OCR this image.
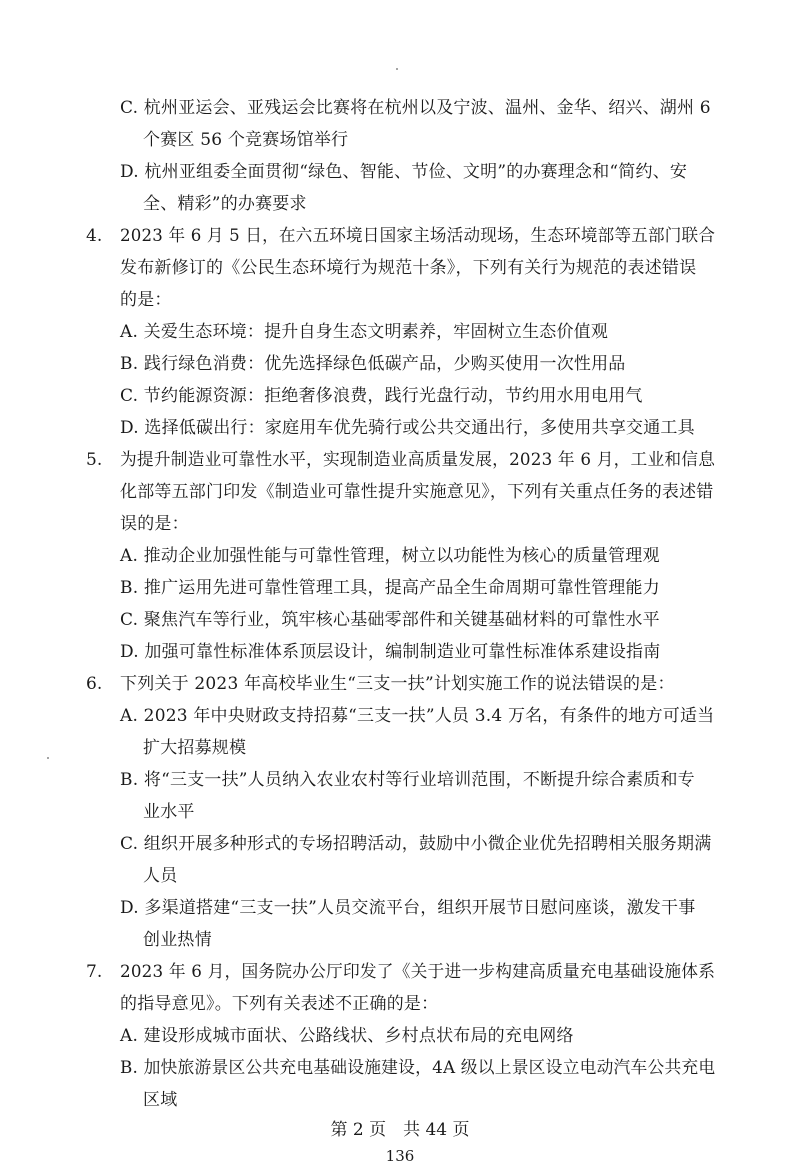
C. 杭州亚运会、亚残运会比赛将在杭州以及宁波、温州、金华、绍兴、湖州 6
个赛区 56 个竞赛场馆举行
D. 杭州亚组委全面贯彻“绿色、智能、节俭、文明”的办赛理念和“简约、安
全、精彩”的办赛要求
4. 2023 年 6 月 5 日，在六五环境日国家主场活动现场，生态环境部等五部门联合
发布新修订的《公民生态环境行为规范十条》，下列有关行为规范的表述错误
的是：
A. 关爱生态环境：提升自身生态文明素养，牢固树立生态价值观
B. 践行绿色消费：优先选择绿色低碳产品，少购买使用一次性用品
C. 节约能源资源：拒绝奢侈浪费，践行光盘行动，节约用水用电用气
D. 选择低碳出行：家庭用车优先骑行或公共交通出行，多使用共享交通工具
5. 为提升制造业可靠性水平，实现制造业高质量发展，2023 年 6 月，工业和信息
化部等五部门印发《制造业可靠性提升实施意见》，下列有关重点任务的表述错
误的是：
A. 推动企业加强性能与可靠性管理，树立以功能性为核心的质量管理观
B. 推广运用先进可靠性管理工具，提高产品全生命周期可靠性管理能力
C. 聚焦汽车等行业，筑牢核心基础零部件和关键基础材料的可靠性水平
D. 加强可靠性标准体系顶层设计，编制制造业可靠性标准体系建设指南
6. 下列关于 2023 年高校毕业生“三支一扶”计划实施工作的说法错误的是：
A. 2023 年中央财政支持招募“三支一扶”人员 3.4 万名，有条件的地方可适当
扩大招募规模
B. 将“三支一扶”人员纳入农业农村等行业培训范围，不断提升综合素质和专
业水平
C. 组织开展多种形式的专场招聘活动，鼓励中小微企业优先招聘相关服务期满
人员
D. 多渠道搭建“三支一扶”人员交流平台，组织开展节日慰问座谈，激发干事
创业热情
7. 2023 年 6 月，国务院办公厅印发了《关于进一步构建高质量充电基础设施体系
的指导意见》。下列有关表述不正确的是：
A. 建设形成城市面状、公路线状、乡村点状布局的充电网络
B. 加快旅游景区公共充电基础设施建设，4A 级以上景区设立电动汽车公共充电
区域
第 2 页　共 44 页
136
